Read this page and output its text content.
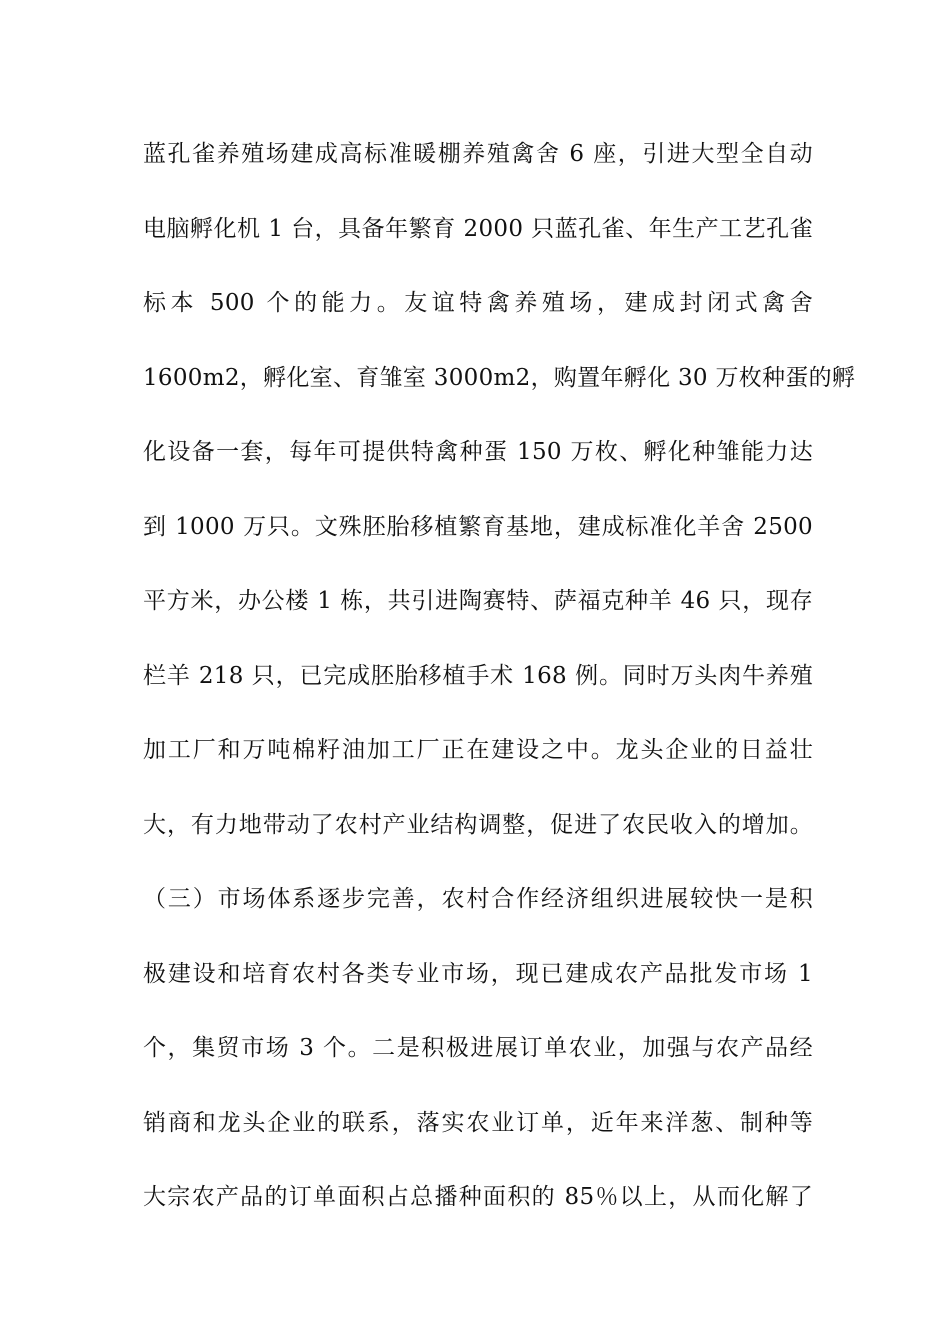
蓝孔雀养殖场建成高标准暖棚养殖禽舍 6 座，引进大型全自动
电脑孵化机 1 台，具备年繁育 2000 只蓝孔雀、年生产工艺孔雀
标本 500 个的能力。友谊特禽养殖场，建成封闭式禽舍
1600m2，孵化室、育雏室 3000m2，购置年孵化 30 万枚种蛋的孵
化设备一套，每年可提供特禽种蛋 150 万枚、孵化种雏能力达
到 1000 万只。文殊胚胎移植繁育基地，建成标准化羊舍 2500
平方米，办公楼 1 栋，共引进陶赛特、萨福克种羊 46 只，现存
栏羊 218 只，已完成胚胎移植手术 168 例。同时万头肉牛养殖
加工厂和万吨棉籽油加工厂正在建设之中。龙头企业的日益壮
大，有力地带动了农村产业结构调整，促进了农民收入的增加。
（三）市场体系逐步完善，农村合作经济组织进展较快一是积
极建设和培育农村各类专业市场，现已建成农产品批发市场 1
个，集贸市场 3 个。二是积极进展订单农业，加强与农产品经
销商和龙头企业的联系，落实农业订单，近年来洋葱、制种等
大宗农产品的订单面积占总播种面积的 85％以上，从而化解了
